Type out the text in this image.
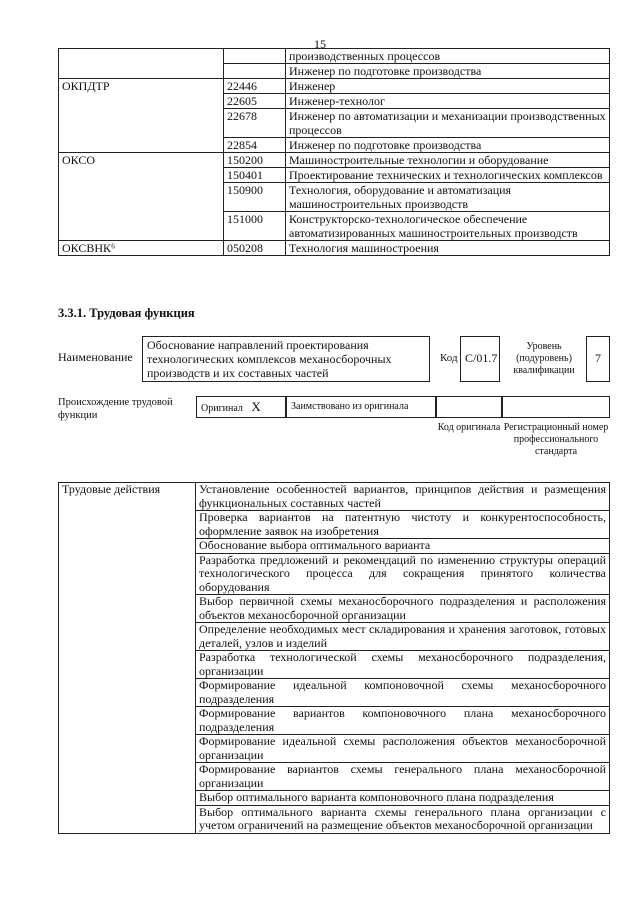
15
		производственных процессов
		Инженер по подготовке производства
ОКПДТР	22446	Инженер
	22605	Инженер-технолог
	22678	Инженер по автоматизации и механизации производственных процессов
	22854	Инженер по подготовке производства
ОКСО	150200	Машиностроительные технологии и оборудование
	150401	Проектирование технических и технологических комплексов
	150900	Технология, оборудование и автоматизация машиностроительных производств
	151000	Конструкторско-технологическое обеспечение автоматизированных машиностроительных производств
ОКСВНК⁶	050208	Технология машиностроения
3.3.1. Трудовая функция
Наименование
Обоснование направлений проектирования технологических комплексов механосборочных производств и их составных частей
Код С/01.7
Уровень (подуровень) квалификации
7
Происхождение трудовой функции
Оригинал X	Заимствовано из оригинала
Код оригинала Регистрационный номер профессионального стандарта
Трудовые действия	Установление особенностей вариантов, принципов действия и размещения функциональных составных частей
Проверка вариантов на патентную чистоту и конкурентоспособность, оформление заявок на изобретения
Обоснование выбора оптимального варианта
Разработка предложений и рекомендаций по изменению структуры операций технологического процесса для сокращения принятого количества оборудования
Выбор первичной схемы механосборочного подразделения и расположения объектов механосборочной организации
Определение необходимых мест складирования и хранения заготовок, готовых деталей, узлов и изделий
Разработка технологической схемы механосборочного подразделения, организации
Формирование идеальной компоновочной схемы механосборочного подразделения
Формирование вариантов компоновочного плана механосборочного подразделения
Формирование идеальной схемы расположения объектов механосборочной организации
Формирование вариантов схемы генерального плана механосборочной организации
Выбор оптимального варианта компоновочного плана подразделения
Выбор оптимального варианта схемы генерального плана организации с учетом ограничений на размещение объектов механосборочной организации
